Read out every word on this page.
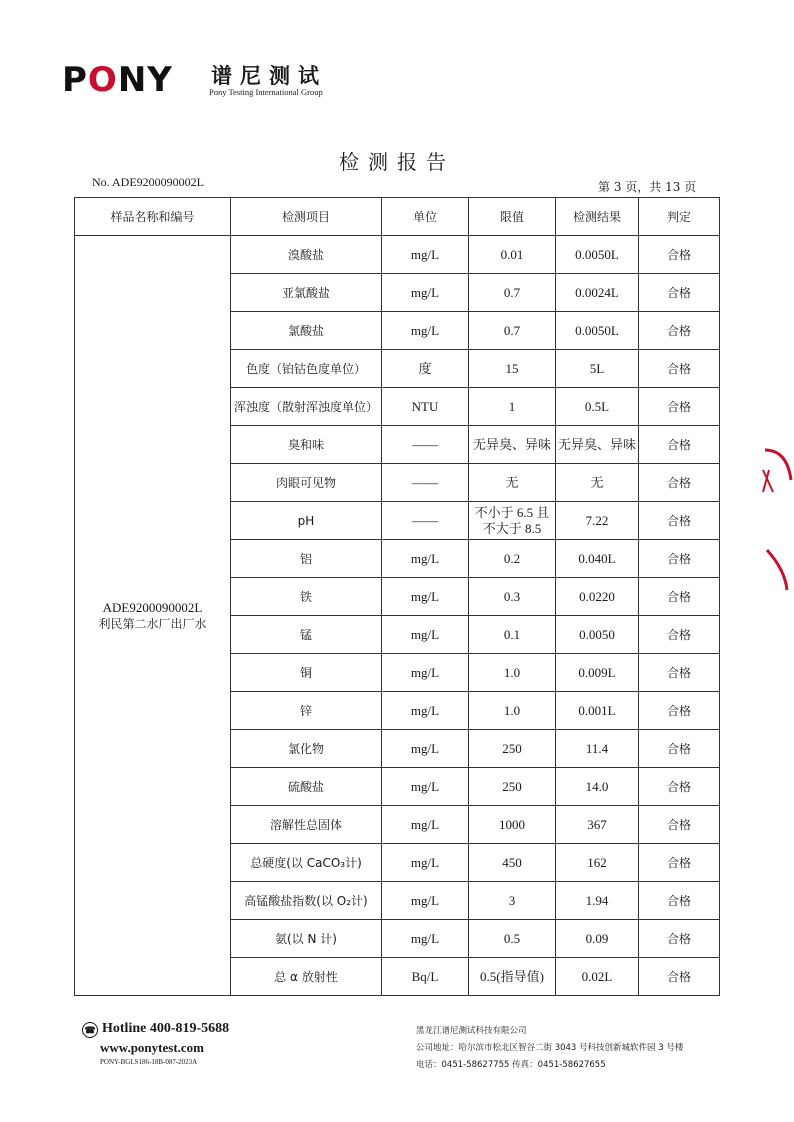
PONY 谱尼测试
Pony Testing International Group
检测报告
No. ADE9200090002L	第 3 页，共 13 页
样品名称和编号	检测项目	单位	限值	检测结果	判定

ADE9200090002L
利民第二水厂出厂水	溴酸盐	mg/L	0.01	0.0050L	合格
	亚氯酸盐	mg/L	0.7	0.0024L	合格
	氯酸盐	mg/L	0.7	0.0050L	合格
	色度（铂钴色度单位）	度	15	5L	合格
	浑浊度（散射浑浊度单位）	NTU	1	0.5L	合格
	臭和味	——	无异臭、异味	无异臭、异味	合格
	肉眼可见物	——	无	无	合格
	pH	——	不小于 6.5 且不大于 8.5	7.22	合格
	铝	mg/L	0.2	0.040L	合格
	铁	mg/L	0.3	0.0220	合格
	锰	mg/L	0.1	0.0050	合格
	铜	mg/L	1.0	0.009L	合格
	锌	mg/L	1.0	0.001L	合格
	氯化物	mg/L	250	11.4	合格
	硫酸盐	mg/L	250	14.0	合格
	溶解性总固体	mg/L	1000	367	合格
	总硬度(以 CaCO₃计)	mg/L	450	162	合格
	高锰酸盐指数(以 O₂计)	mg/L	3	1.94	合格
	氨(以 N 计)	mg/L	0.5	0.09	合格
	总 α 放射性	Bq/L	0.5(指导值)	0.02L	合格
☎ Hotline 400-819-5688
www.ponytest.com
PONY-BGLS186-18B-087-2023A
黑龙江谱尼测试科技有限公司
公司地址：哈尔滨市松北区智谷二街 3043 号科技创新城软件园 3 号楼
电话：0451-58627755 传真：0451-58627655
